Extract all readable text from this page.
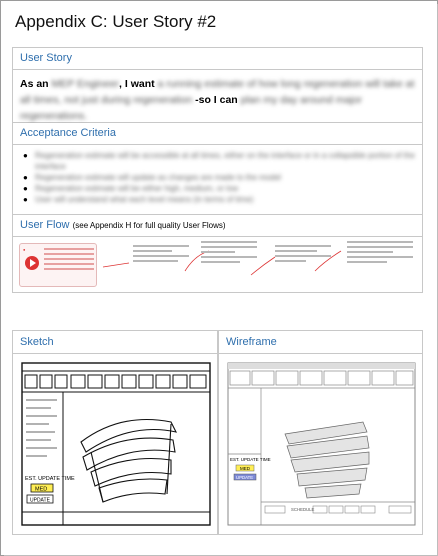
Appendix C: User Story #2
User Story
As an MEP Engineer, I want a running estimate of how long regeneration will take at all times, not just during regeneration -so I can plan my day around major regenerations.
Acceptance Criteria
● Regeneration estimate will be accessible at all times, either on the interface or in a collapsible portion of the interface
● Regeneration estimate will update as changes are made to the model
● Regeneration estimate will be either high, medium, or low
● User will understand what each level means (in terms of time)
User Flow (see Appendix H for full quality User Flows)
●
Sketch
EST. UPDATE TIME
MED
UPDATE
Wireframe
EST. UPDATE TIME
MED
UPDATE
SCHEDULE
